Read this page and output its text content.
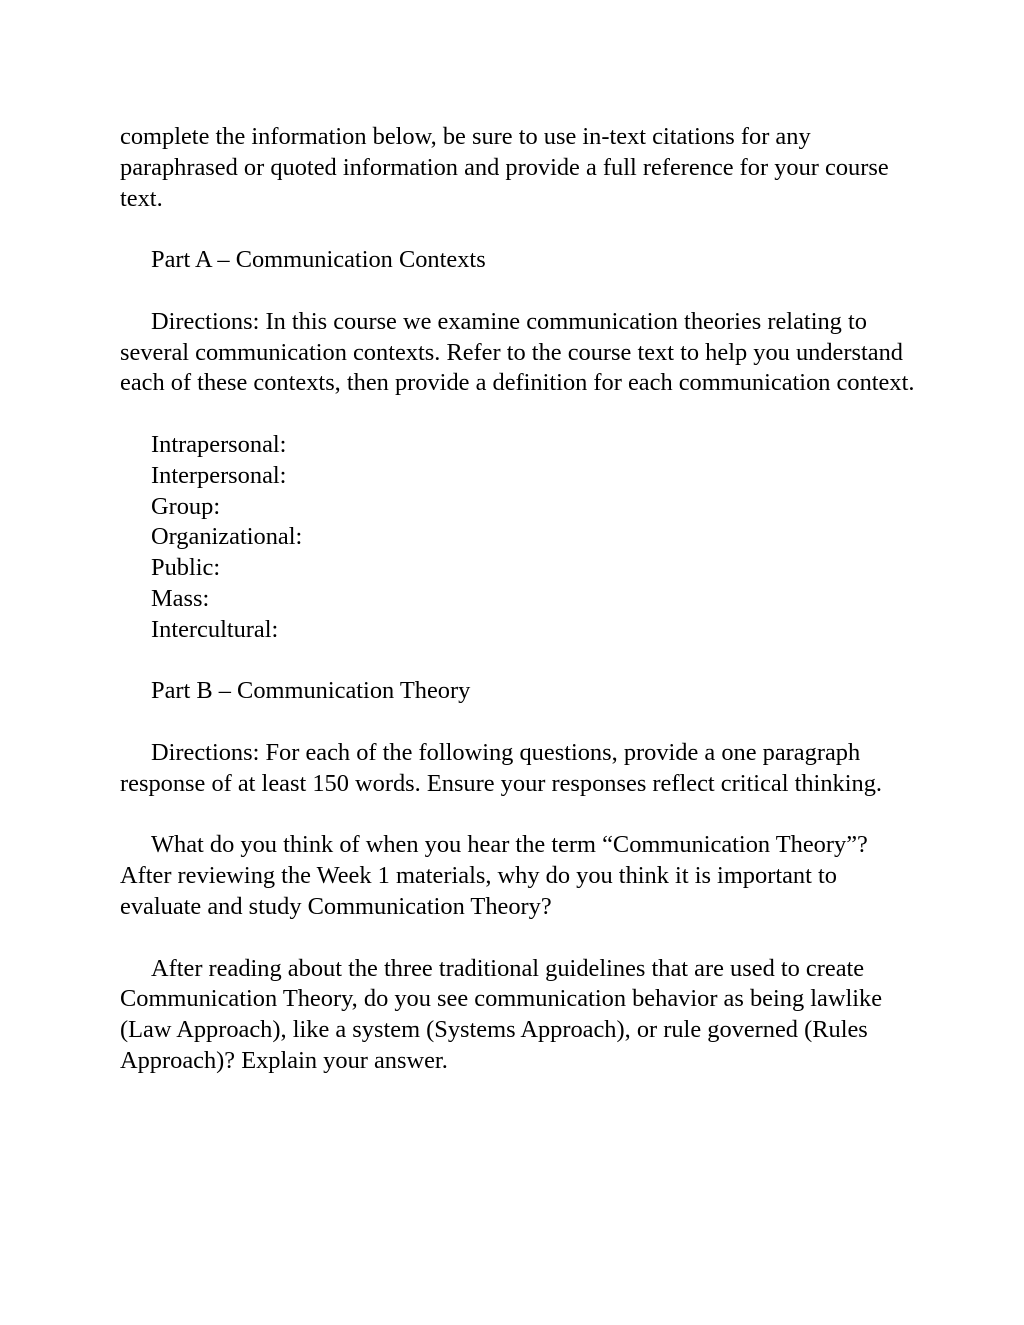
complete the information below, be sure to use in-text citations for any paraphrased or quoted information and provide a full reference for your course text.

Part A – Communication Contexts

Directions: In this course we examine communication theories relating to several communication contexts. Refer to the course text to help you understand each of these contexts, then provide a definition for each communication context.

Intrapersonal:
Interpersonal:
Group:
Organizational:
Public:
Mass:
Intercultural:

Part B – Communication Theory

Directions: For each of the following questions, provide a one paragraph response of at least 150 words. Ensure your responses reflect critical thinking.

What do you think of when you hear the term “Communication Theory”? After reviewing the Week 1 materials, why do you think it is important to evaluate and study Communication Theory?

After reading about the three traditional guidelines that are used to create Communication Theory, do you see communication behavior as being lawlike (Law Approach), like a system (Systems Approach), or rule governed (Rules Approach)? Explain your answer.
